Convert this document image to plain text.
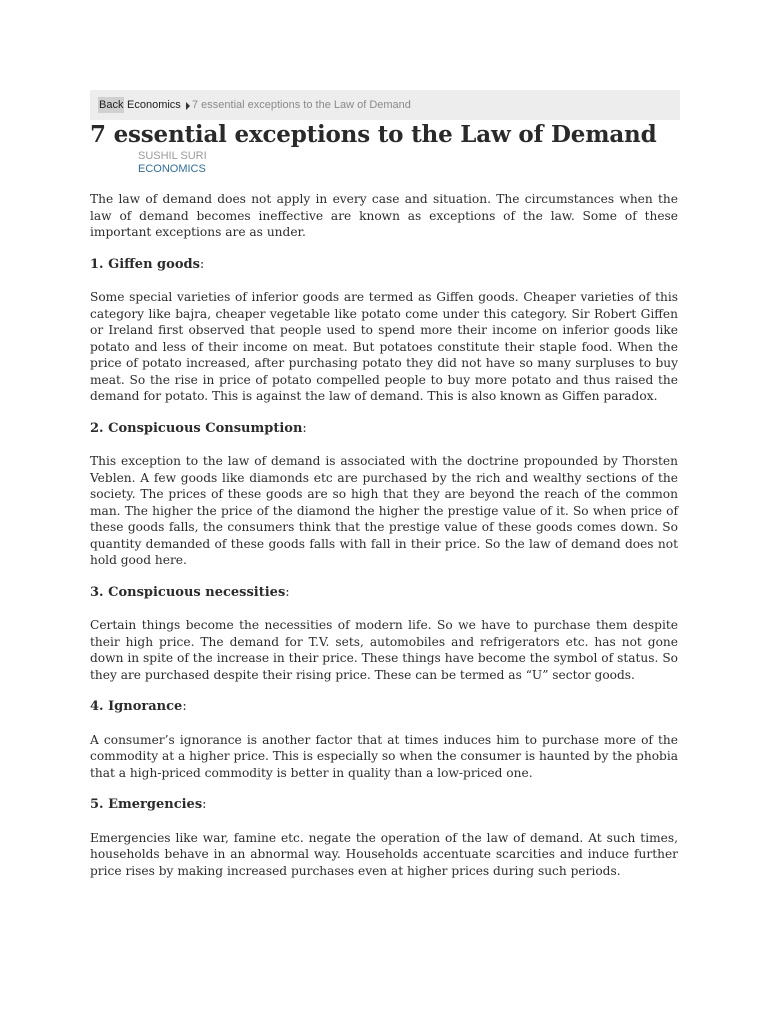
Back Economics 7 essential exceptions to the Law of Demand
7 essential exceptions to the Law of Demand
SUSHIL SURI
ECONOMICS

The law of demand does not apply in every case and situation. The circumstances when the law of demand becomes ineffective are known as exceptions of the law. Some of these important exceptions are as under.

1. Giffen goods:

Some special varieties of inferior goods are termed as Giffen goods. Cheaper varieties of this category like bajra, cheaper vegetable like potato come under this category. Sir Robert Giffen or Ireland first observed that people used to spend more their income on inferior goods like potato and less of their income on meat. But potatoes constitute their staple food. When the price of potato increased, after purchasing potato they did not have so many surpluses to buy meat. So the rise in price of potato compelled people to buy more potato and thus raised the demand for potato. This is against the law of demand. This is also known as Giffen paradox.

2. Conspicuous Consumption:

This exception to the law of demand is associated with the doctrine propounded by Thorsten Veblen. A few goods like diamonds etc are purchased by the rich and wealthy sections of the society. The prices of these goods are so high that they are beyond the reach of the common man. The higher the price of the diamond the higher the prestige value of it. So when price of these goods falls, the consumers think that the prestige value of these goods comes down. So quantity demanded of these goods falls with fall in their price. So the law of demand does not hold good here.

3. Conspicuous necessities:

Certain things become the necessities of modern life. So we have to purchase them despite their high price. The demand for T.V. sets, automobiles and refrigerators etc. has not gone down in spite of the increase in their price. These things have become the symbol of status. So they are purchased despite their rising price. These can be termed as “U” sector goods.

4. Ignorance:

A consumer’s ignorance is another factor that at times induces him to purchase more of the commodity at a higher price. This is especially so when the consumer is haunted by the phobia that a high-priced commodity is better in quality than a low-priced one.

5. Emergencies:

Emergencies like war, famine etc. negate the operation of the law of demand. At such times, households behave in an abnormal way. Households accentuate scarcities and induce further price rises by making increased purchases even at higher prices during such periods.
